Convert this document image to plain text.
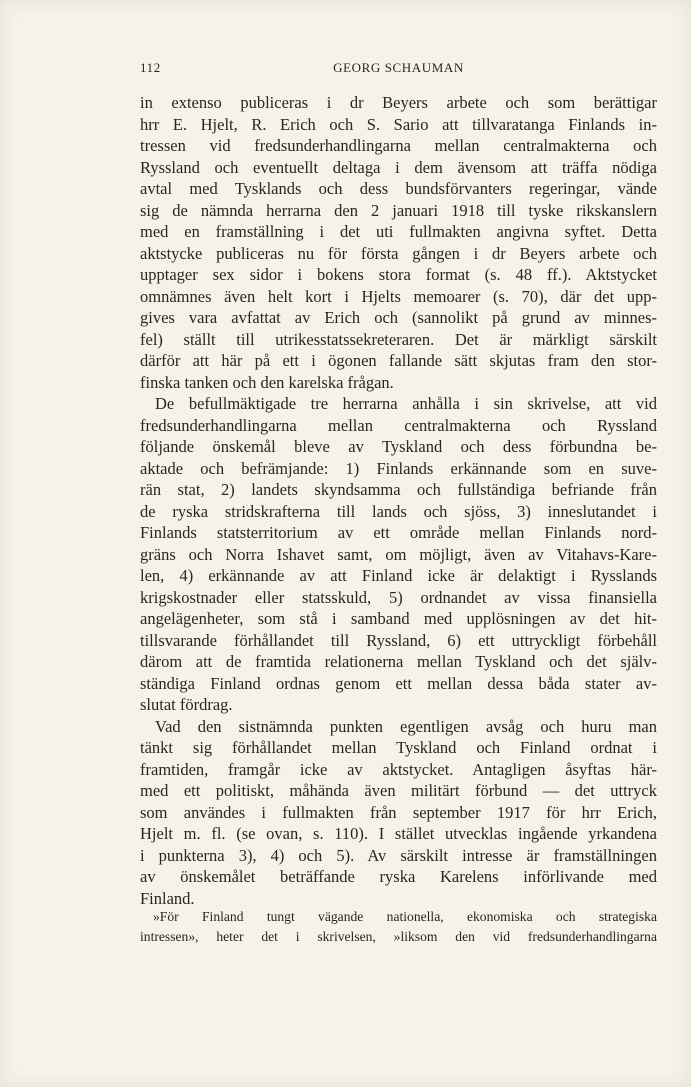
112	GEORG SCHAUMAN
in extenso publiceras i dr Beyers arbete och som berättigar
hrr E. Hjelt, R. Erich och S. Sario att tillvaratanga Finlands in-
tressen vid fredsunderhandlingarna mellan centralmakterna och
Ryssland och eventuellt deltaga i dem ävensom att träffa nödiga
avtal med Tysklands och dess bundsförvanters regeringar, vände
sig de nämnda herrarna den 2 januari 1918 till tyske rikskanslern
med en framställning i det uti fullmakten angivna syftet. Detta
aktstycke publiceras nu för första gången i dr Beyers arbete och
upptager sex sidor i bokens stora format (s. 48 ff.). Aktstycket
omnämnes även helt kort i Hjelts memoarer (s. 70), där det upp-
gives vara avfattat av Erich och (sannolikt på grund av minnes-
fel) ställt till utrikesstatssekreteraren. Det är märkligt särskilt
därför att här på ett i ögonen fallande sätt skjutas fram den stor-
finska tanken och den karelska frågan.
De befullmäktigade tre herrarna anhålla i sin skrivelse, att vid
fredsunderhandlingarna mellan centralmakterna och Ryssland
följande önskemål bleve av Tyskland och dess förbundna be-
aktade och befrämjande: 1) Finlands erkännande som en suve-
rän stat, 2) landets skyndsamma och fullständiga befriande från
de ryska stridskrafterna till lands och sjöss, 3) inneslutandet i
Finlands statsterritorium av ett område mellan Finlands nord-
gräns och Norra Ishavet samt, om möjligt, även av Vitahavs-Kare-
len, 4) erkännande av att Finland icke är delaktigt i Rysslands
krigskostnader eller statsskuld, 5) ordnandet av vissa finansiella
angelägenheter, som stå i samband med upplösningen av det hit-
tillsvarande förhållandet till Ryssland, 6) ett uttryckligt förbehåll
därom att de framtida relationerna mellan Tyskland och det själv-
ständiga Finland ordnas genom ett mellan dessa båda stater av-
slutat fördrag.
Vad den sistnämnda punkten egentligen avsåg och huru man
tänkt sig förhållandet mellan Tyskland och Finland ordnat i
framtiden, framgår icke av aktstycket. Antagligen åsyftas här-
med ett politiskt, måhända även militärt förbund — det uttryck
som användes i fullmakten från september 1917 för hrr Erich,
Hjelt m. fl. (se ovan, s. 110). I stället utvecklas ingående yrkandena
i punkterna 3), 4) och 5). Av särskilt intresse är framställningen
av önskemålet beträffande ryska Karelens införlivande med
Finland.
»För Finland tungt vägande nationella, ekonomiska och strategiska
intressen», heter det i skrivelsen, »liksom den vid fredsunderhandlingarna
